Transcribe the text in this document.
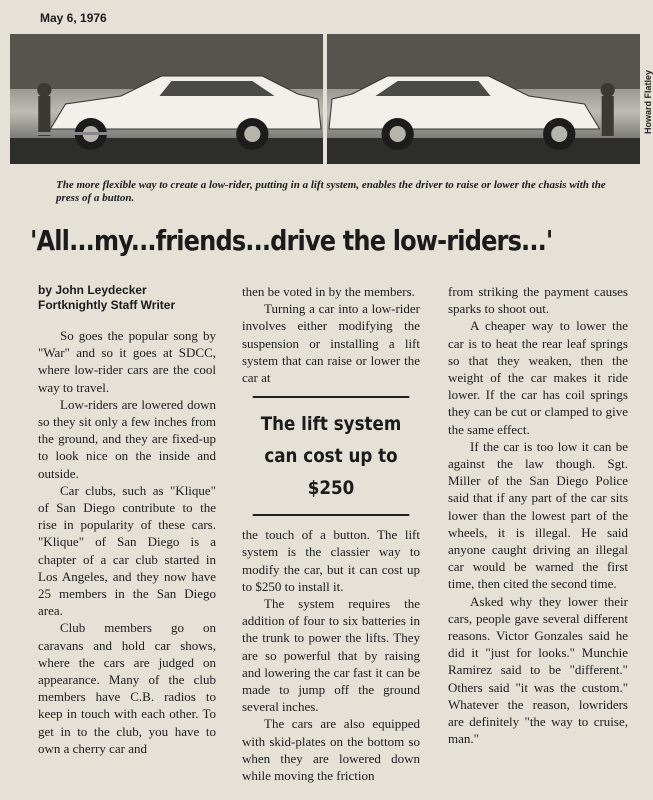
May 6, 1976
Howard Flatley
The more flexible way to create a low-rider, putting in a lift system, enables the driver to raise or lower the chasis with the press of a button.
'All...my...friends...drive the low-riders...'

by John Leydecker
Fortknightly Staff Writer

So goes the popular song by "War" and so it goes at SDCC, where low-rider cars are the cool way to travel.

Low-riders are lowered down so they sit only a few inches from the ground, and they are fixed-up to look nice on the inside and outside.

Car clubs, such as "Klique" of San Diego contribute to the rise in popularity of these cars. "Klique" of San Diego is a chapter of a car club started in Los Angeles, and they now have 25 members in the San Diego area.

Club members go on caravans and hold car shows, where the cars are judged on appearance. Many of the club members have C.B. radios to keep in touch with each other. To get in to the club, you have to own a cherry car and

then be voted in by the members.

Turning a car into a low-rider involves either modifying the suspension or installing a lift system that can raise or lower the car at

The lift system can cost up to $250

the touch of a button. The lift system is the classier way to modify the car, but it can cost up to $250 to install it.

The system requires the addition of four to six batteries in the trunk to power the lifts. They are so powerful that by raising and lowering the car fast it can be made to jump off the ground several inches.

The cars are also equipped with skid-plates on the bottom so when they are lowered down while moving the friction

from striking the payment causes sparks to shoot out.

A cheaper way to lower the car is to heat the rear leaf springs so that they weaken, then the weight of the car makes it ride lower. If the car has coil springs they can be cut or clamped to give the same effect.

If the car is too low it can be against the law though. Sgt. Miller of the San Diego Police said that if any part of the car sits lower than the lowest part of the wheels, it is illegal. He said anyone caught driving an illegal car would be warned the first time, then cited the second time.

Asked why they lower their cars, people gave several different reasons. Victor Gonzales said he did it "just for looks." Munchie Ramirez said to be "different." Others said "it was the custom." Whatever the reason, lowriders are definitely "the way to cruise, man."
